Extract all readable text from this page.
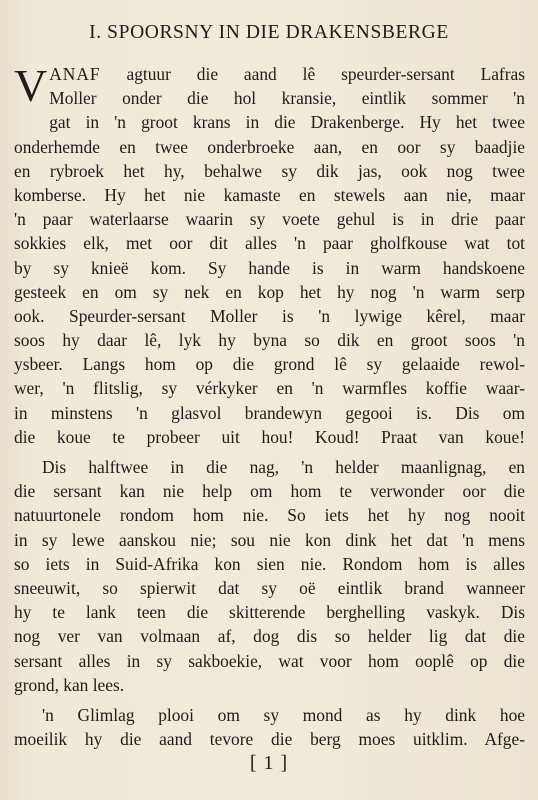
I. SPOORSNY IN DIE DRAKENSBERGE
V ANAF agtuur die aand lê speurder-sersant Lafras
Moller onder die hol kransie, eintlik sommer 'n
gat in 'n groot krans in die Drakenberge. Hy het twee
onderhemde en twee onderbroeke aan, en oor sy baadjie
en rybroek het hy, behalwe sy dik jas, ook nog twee
komberse. Hy het nie kamaste en stewels aan nie, maar
'n paar waterlaarse waarin sy voete gehul is in drie paar
sokkies elk, met oor dit alles 'n paar gholfkouse wat tot
by sy knieë kom. Sy hande is in warm handskoene
gesteek en om sy nek en kop het hy nog 'n warm serp
ook. Speurder-sersant Moller is 'n lywige kêrel, maar
soos hy daar lê, lyk hy byna so dik en groot soos 'n
ysbeer. Langs hom op die grond lê sy gelaaide rewol-
wer, 'n flitslig, sy vérkyker en 'n warmfles koffie waar-
in minstens 'n glasvol brandewyn gegooi is. Dis om
die koue te probeer uit hou! Koud! Praat van koue!
Dis halftwee in die nag, 'n helder maanlignag, en
die sersant kan nie help om hom te verwonder oor die
natuurtonele rondom hom nie. So iets het hy nog nooit
in sy lewe aanskou nie; sou nie kon dink het dat 'n mens
so iets in Suid-Afrika kon sien nie. Rondom hom is alles
sneeuwit, so spierwit dat sy oë eintlik brand wanneer
hy te lank teen die skitterende berghelling vaskyk. Dis
nog ver van volmaan af, dog dis so helder lig dat die
sersant alles in sy sakboekie, wat voor hom ooplê op die
grond, kan lees.
'n Glimlag plooi om sy mond as hy dink hoe
moeilik hy die aand tevore die berg moes uitklim. Afge-
[ 1 ]
